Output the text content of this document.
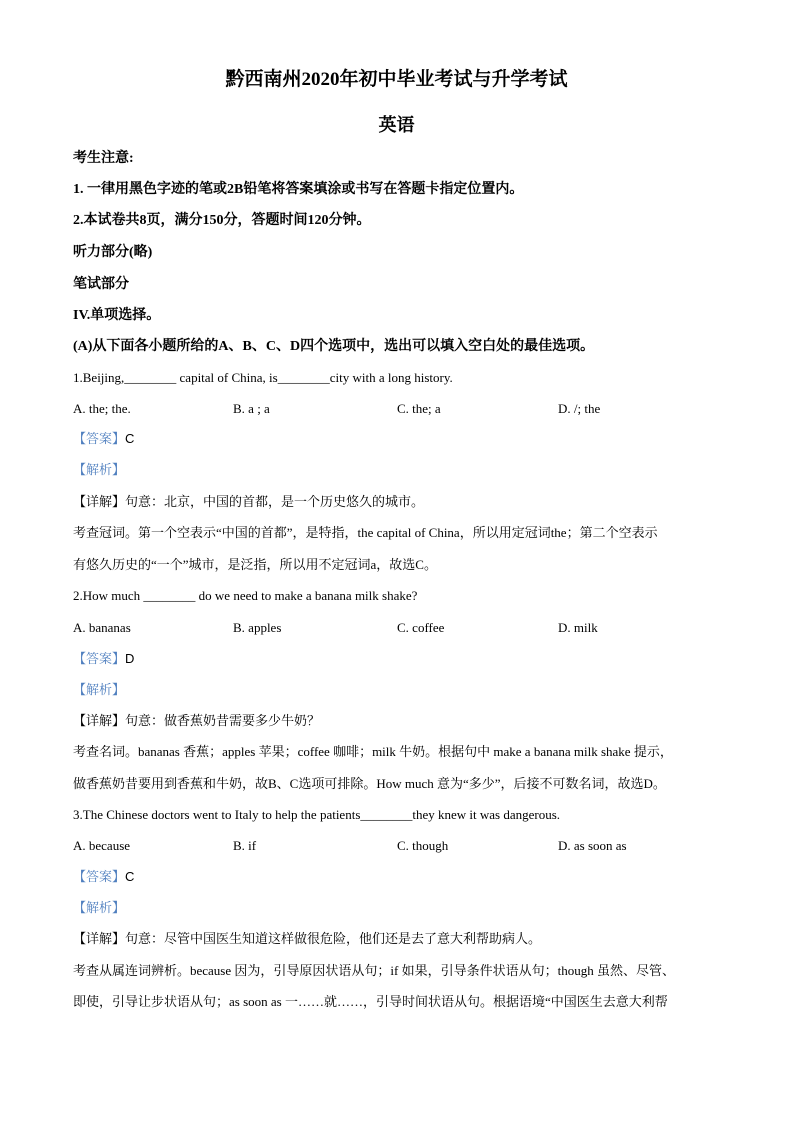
黔西南州2020年初中毕业考试与升学考试
英语
考生注意:
1. 一律用黑色字迹的笔或2B铅笔将答案填涂或书写在答题卡指定位置内。
2.本试卷共8页，满分150分，答题时间120分钟。
听力部分(略)
笔试部分
IV.单项选择。
(A)从下面各小题所给的A、B、C、D四个选项中，选出可以填入空白处的最佳选项。
1.Beijing,________ capital of China, is________city with a long history.
A. the; the.	B. a ; a	C. the; a	D. /; the
【答案】C
【解析】
【详解】句意：北京，中国的首都，是一个历史悠久的城市。
考查冠词。第一个空表示“中国的首都”，是特指，the capital of China，所以用定冠词the；第二个空表示
有悠久历史的“一个”城市，是泛指，所以用不定冠词a，故选C。
2.How much ________ do we need to make a banana milk shake?
A. bananas	B. apples	C. coffee	D. milk
【答案】D
【解析】
【详解】句意：做香蕉奶昔需要多少牛奶？
考查名词。bananas 香蕉；apples 苹果；coffee 咖啡；milk 牛奶。根据句中 make a banana milk shake 提示，
做香蕉奶昔要用到香蕉和牛奶，故B、C选项可排除。How much 意为“多少”，后接不可数名词，故选D。
3.The Chinese doctors went to Italy to help the patients________they knew it was dangerous.
A. because	B. if	C. though	D. as soon as
【答案】C
【解析】
【详解】句意：尽管中国医生知道这样做很危险，他们还是去了意大利帮助病人。
考查从属连词辨析。because 因为，引导原因状语从句；if 如果，引导条件状语从句；though 虽然、尽管、
即使，引导让步状语从句；as soon as 一……就……，引导时间状语从句。根据语境“中国医生去意大利帮
